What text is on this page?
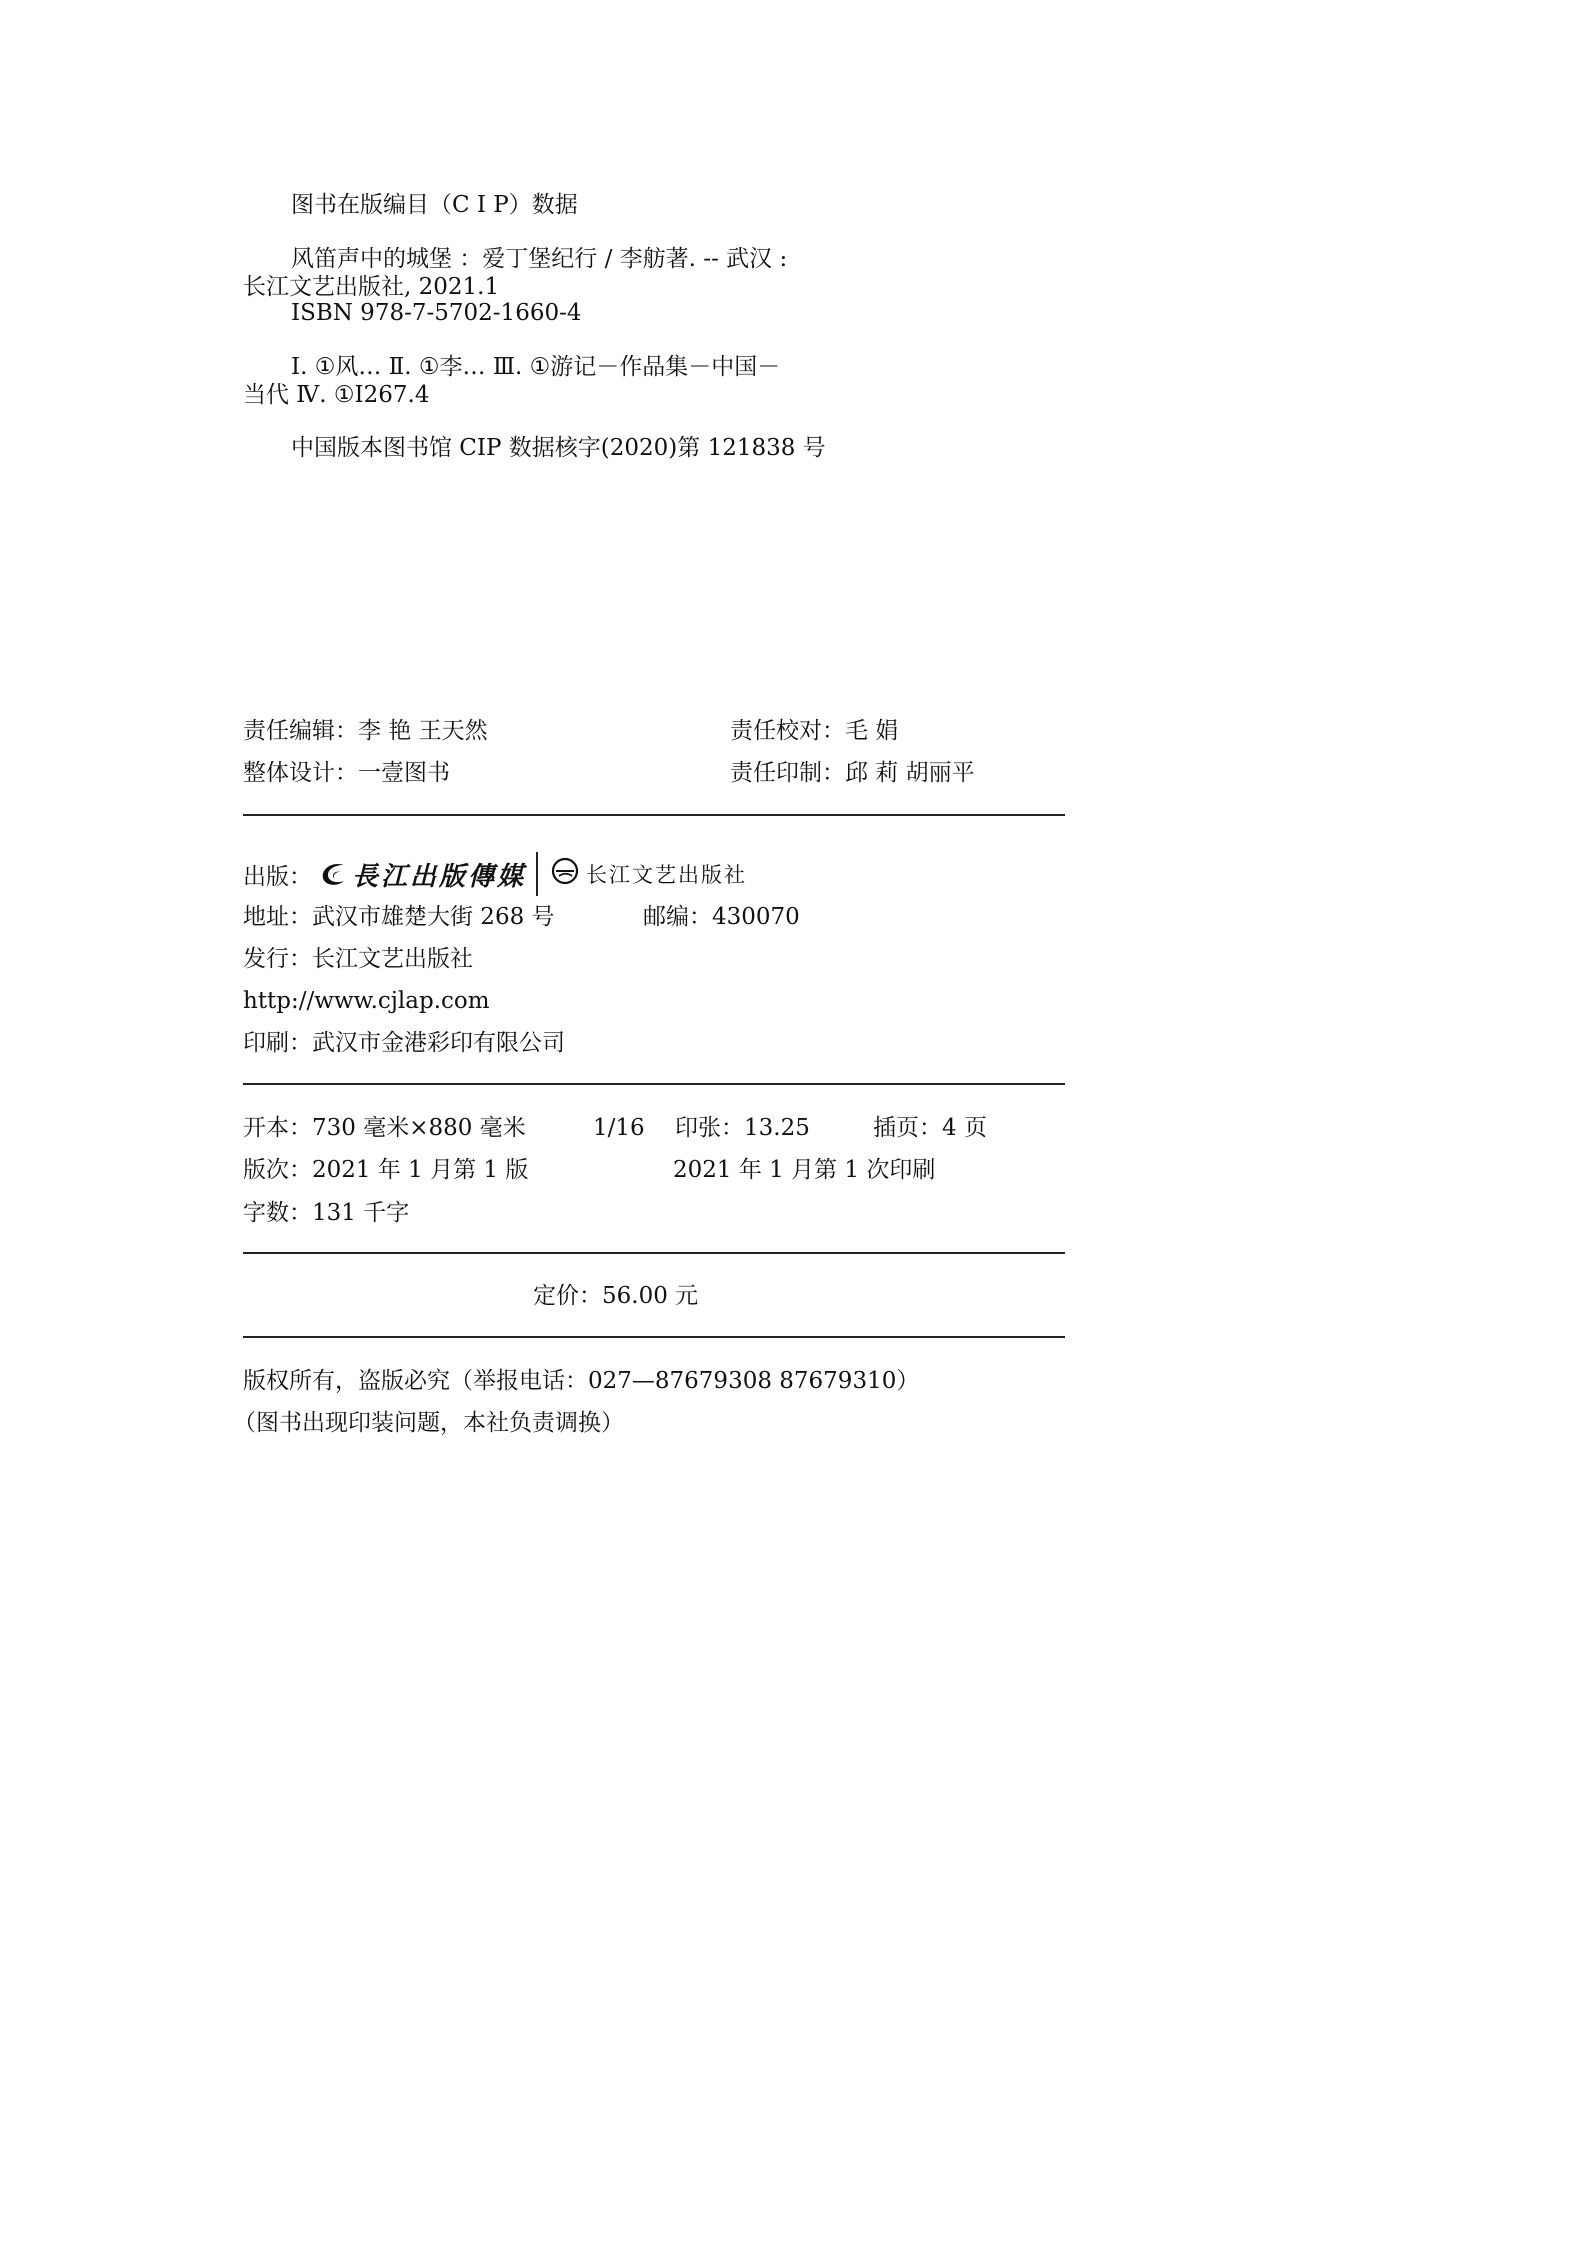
图书在版编目（C I P）数据
风笛声中的城堡 ：爱丁堡纪行 / 李舫著. -- 武汉 :
长江文艺出版社, 2021.1
ISBN 978-7-5702-1660-4
Ⅰ. ①风… Ⅱ. ①李… Ⅲ. ①游记－作品集－中国－
当代 Ⅳ. ①I267.4
中国版本图书馆 CIP 数据核字(2020)第 121838 号
责任编辑：李 艳 王天然	责任校对：毛 娟
整体设计：一壹图书	责任印制：邱 莉 胡丽平
出版： 長江出版傳媒	长江文艺出版社
地址：武汉市雄楚大街 268 号	邮编：430070
发行：长江文艺出版社
http://www.cjlap.com
印刷：武汉市金港彩印有限公司
开本：730 毫米×880 毫米	1/16 印张：13.25	插页：4 页
版次：2021 年 1 月第 1 版	2021 年 1 月第 1 次印刷
字数：131 千字
定价：56.00 元
版权所有，盗版必究（举报电话：027—87679308 87679310）
（图书出现印装问题，本社负责调换）
